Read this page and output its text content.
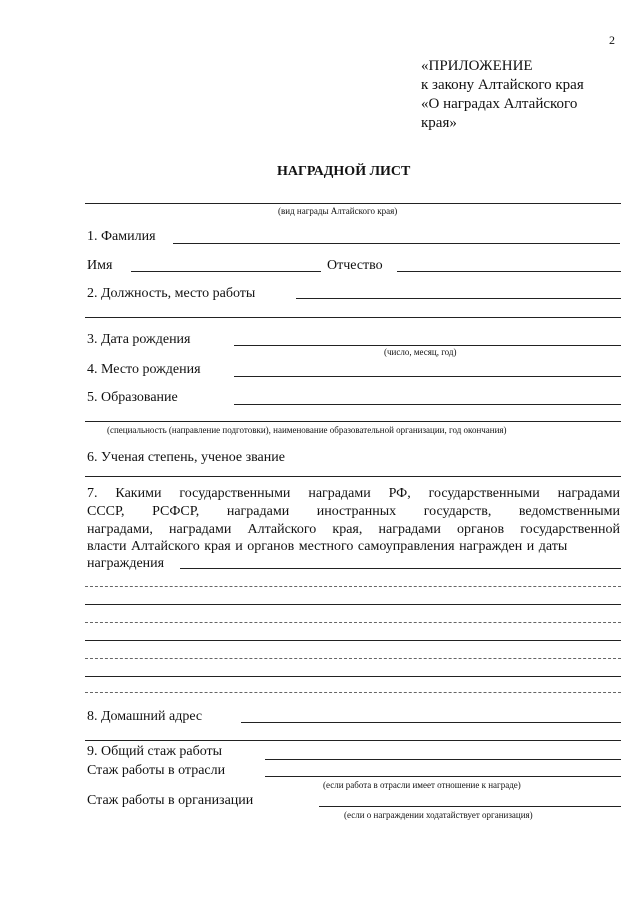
2
«ПРИЛОЖЕНИЕ
к закону Алтайского края
«О наградах Алтайского
края»
НАГРАДНОЙ ЛИСТ
(вид награды Алтайского края)
1. Фамилия
Имя	Отчество
2. Должность, место работы
3. Дата рождения
(число, месяц, год)
4. Место рождения
5. Образование
(специальность (направление подготовки), наименование образовательной организации, год окончания)
6. Ученая степень, ученое звание
7. Какими государственными наградами РФ, государственными наградами
СССР, РСФСР, наградами иностранных государств, ведомственными
наградами, наградами Алтайского края, наградами органов государственной
власти Алтайского края и органов местного самоуправления награжден и даты
награждения
8. Домашний адрес
9. Общий стаж работы
Стаж работы в отрасли
(если работа в отрасли имеет отношение к награде)
Стаж работы в организации
(если о награждении ходатайствует организация)
